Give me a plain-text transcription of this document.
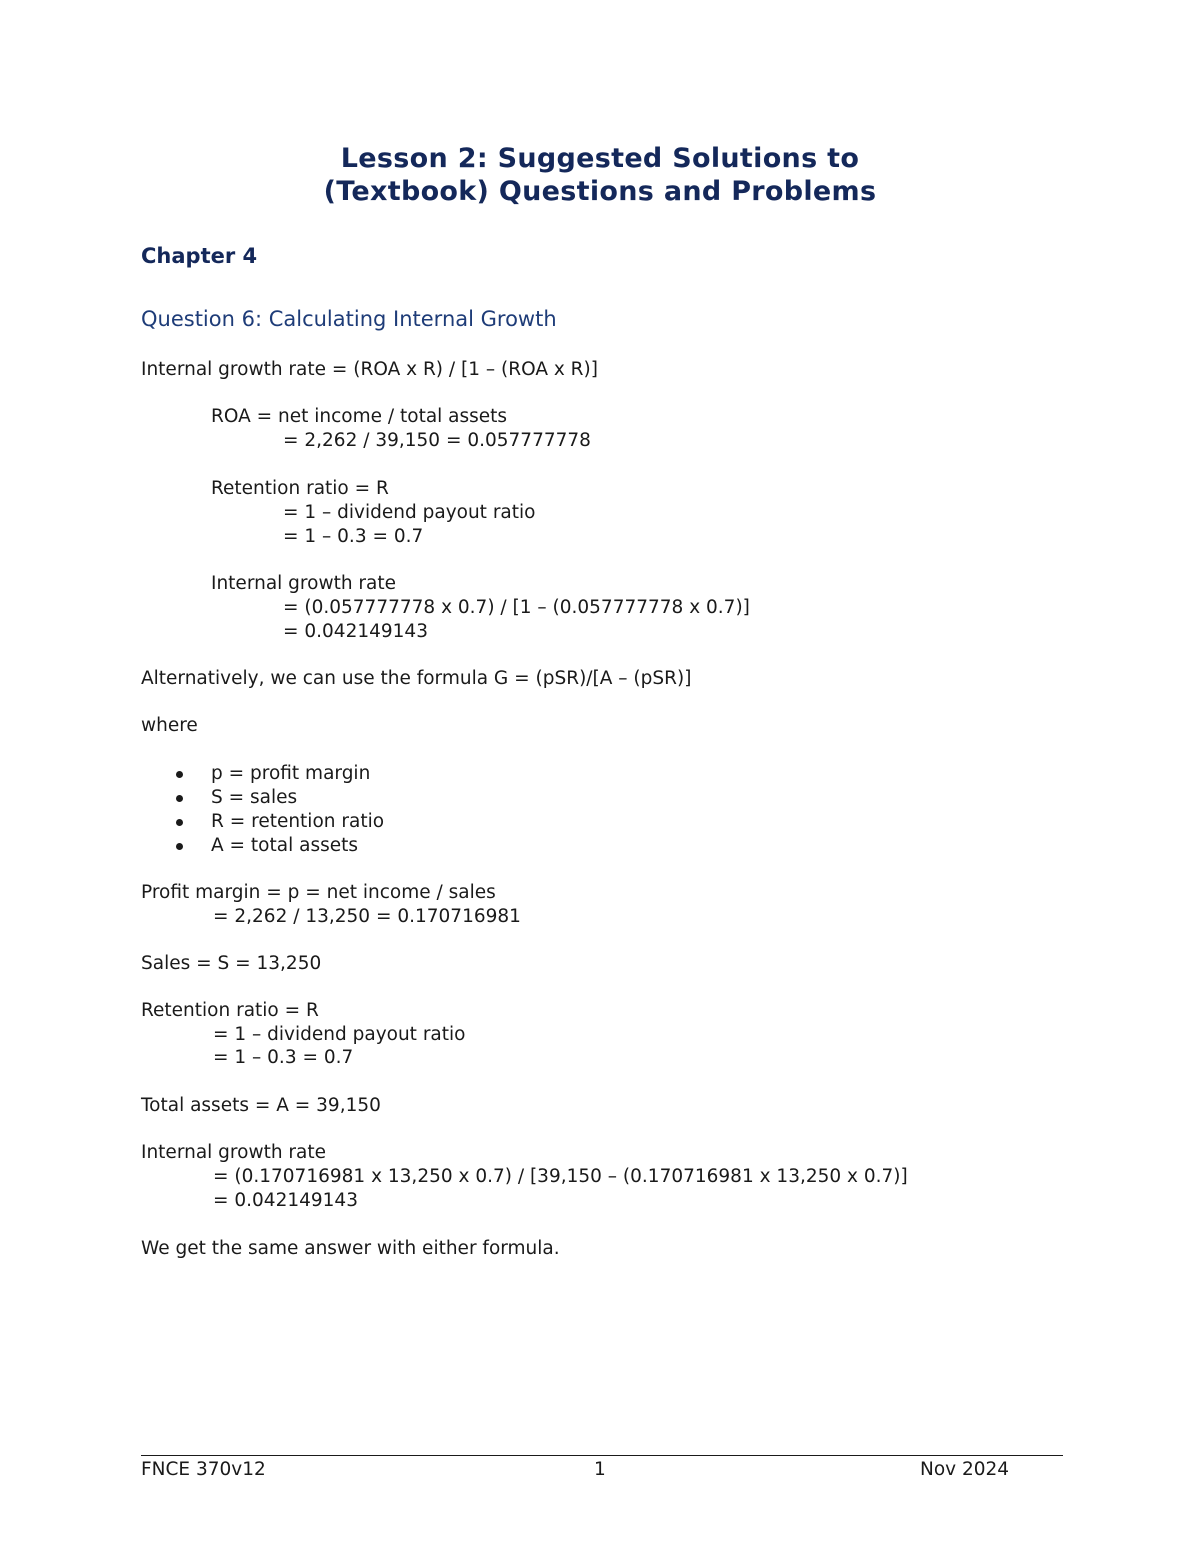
Lesson 2: Suggested Solutions to
(Textbook) Questions and Problems
Chapter 4
Question 6: Calculating Internal Growth
Internal growth rate = (ROA x R) / [1 – (ROA x R)]
ROA = net income / total assets
= 2,262 / 39,150 = 0.057777778
Retention ratio = R
= 1 – dividend payout ratio
= 1 – 0.3 = 0.7
Internal growth rate
= (0.057777778 x 0.7) / [1 – (0.057777778 x 0.7)]
= 0.042149143
Alternatively, we can use the formula G = (pSR)/[A – (pSR)]
where
p = profit margin
S = sales
R = retention ratio
A = total assets
Profit margin = p = net income / sales
= 2,262 / 13,250 = 0.170716981
Sales = S = 13,250
Retention ratio = R
= 1 – dividend payout ratio
= 1 – 0.3 = 0.7
Total assets = A = 39,150
Internal growth rate
= (0.170716981 x 13,250 x 0.7) / [39,150 – (0.170716981 x 13,250 x 0.7)]
= 0.042149143
We get the same answer with either formula.
FNCE 370v12	1	Nov 2024
